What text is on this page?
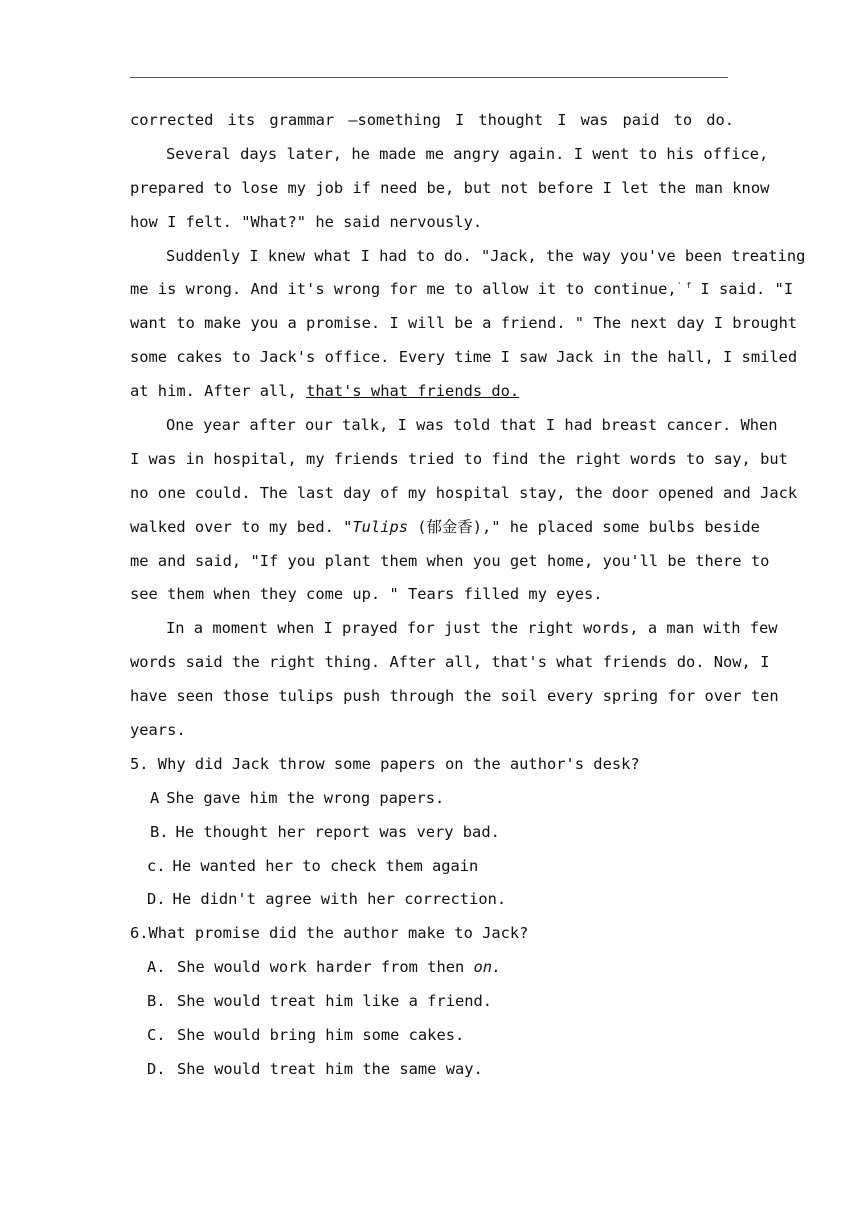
corrected its grammar —something I thought I was paid to do.
Several days later, he made me angry again. I went to his office,
prepared to lose my job if need be, but not before I let the man know
how I felt. "What?" he said nervously.
Suddenly I knew what I had to do. "Jack, the way you've been treating
me is wrong. And it's wrong for me to allow it to continue,$^{' f}$ I said. "I
want to make you a promise. I will be a friend. " The next day I brought
some cakes to Jack's office. Every time I saw Jack in the hall, I smiled
at him. After all, that's what friends do.
One year after our talk, I was told that I had breast cancer. When
I was in hospital, my friends tried to find the right words to say, but
no one could. The last day of my hospital stay, the door opened and Jack
walked over to my bed. "Tulips (郁金香)," he placed some bulbs beside
me and said, "If you plant them when you get home, you'll be there to
see them when they come up. " Tears filled my eyes.
In a moment when I prayed for just the right words, a man with few
words said the right thing. After all, that's what friends do. Now, I
have seen those tulips push through the soil every spring for over ten
years.
5. Why did Jack throw some papers on the author's desk?
A She gave him the wrong papers.
B. He thought her report was very bad.
c. He wanted her to check them again
D. He didn't agree with her correction.
6.What promise did the author make to Jack?
A. She would work harder from then on.
B. She would treat him like a friend.
C. She would bring him some cakes.
D. She would treat him the same way.
